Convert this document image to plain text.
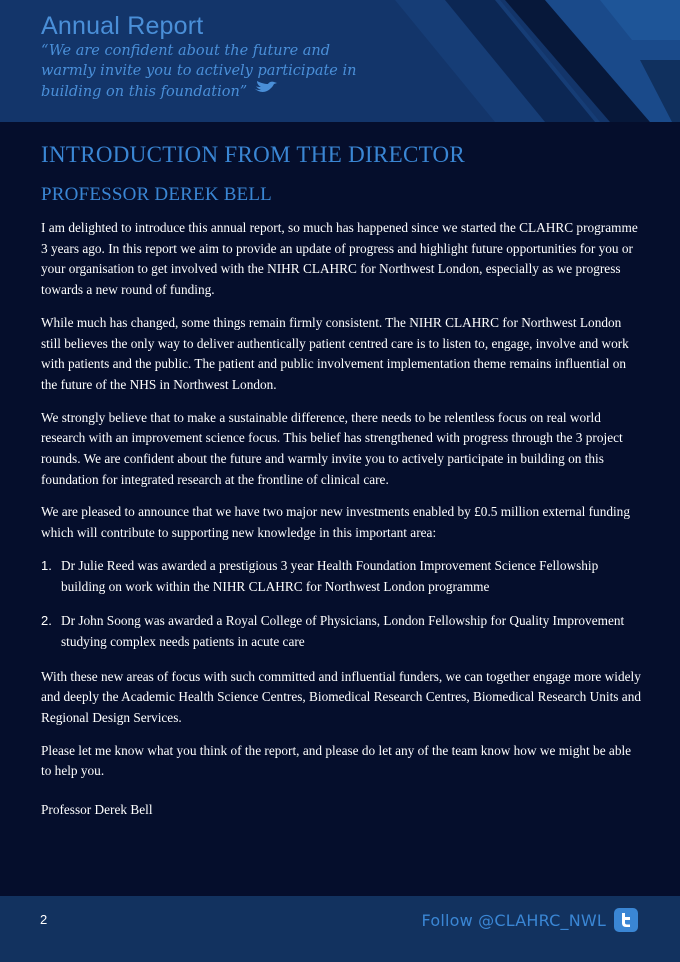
Annual Report
“We are confident about the future and warmly invite you to actively participate in building on this foundation”
INTRODUCTION FROM THE DIRECTOR
PROFESSOR DEREK BELL

I am delighted to introduce this annual report, so much has happened since we started the CLAHRC programme 3 years ago. In this report we aim to provide an update of progress and highlight future opportunities for you or your organisation to get involved with the NIHR CLAHRC for Northwest London, especially as we progress towards a new round of funding.

While much has changed, some things remain firmly consistent. The NIHR CLAHRC for Northwest London still believes the only way to deliver authentically patient centred care is to listen to, engage, involve and work with patients and the public. The patient and public involvement implementation theme remains influential on the future of the NHS in Northwest London.

We strongly believe that to make a sustainable difference, there needs to be relentless focus on real world research with an improvement science focus. This belief has strengthened with progress through the 3 project rounds. We are confident about the future and warmly invite you to actively participate in building on this foundation for integrated research at the frontline of clinical care.

We are pleased to announce that we have two major new investments enabled by £0.5 million external funding which will contribute to supporting new knowledge in this important area:

1. Dr Julie Reed was awarded a prestigious 3 year Health Foundation Improvement Science Fellowship building on work within the NIHR CLAHRC for Northwest London programme
2. Dr John Soong was awarded a Royal College of Physicians, London Fellowship for Quality Improvement studying complex needs patients in acute care

With these new areas of focus with such committed and influential funders, we can together engage more widely and deeply the Academic Health Science Centres, Biomedical Research Centres, Biomedical Research Units and Regional Design Services.

Please let me know what you think of the report, and please do let any of the team know how we might be able to help you.

Professor Derek Bell
2	Follow @CLAHRC_NWL
